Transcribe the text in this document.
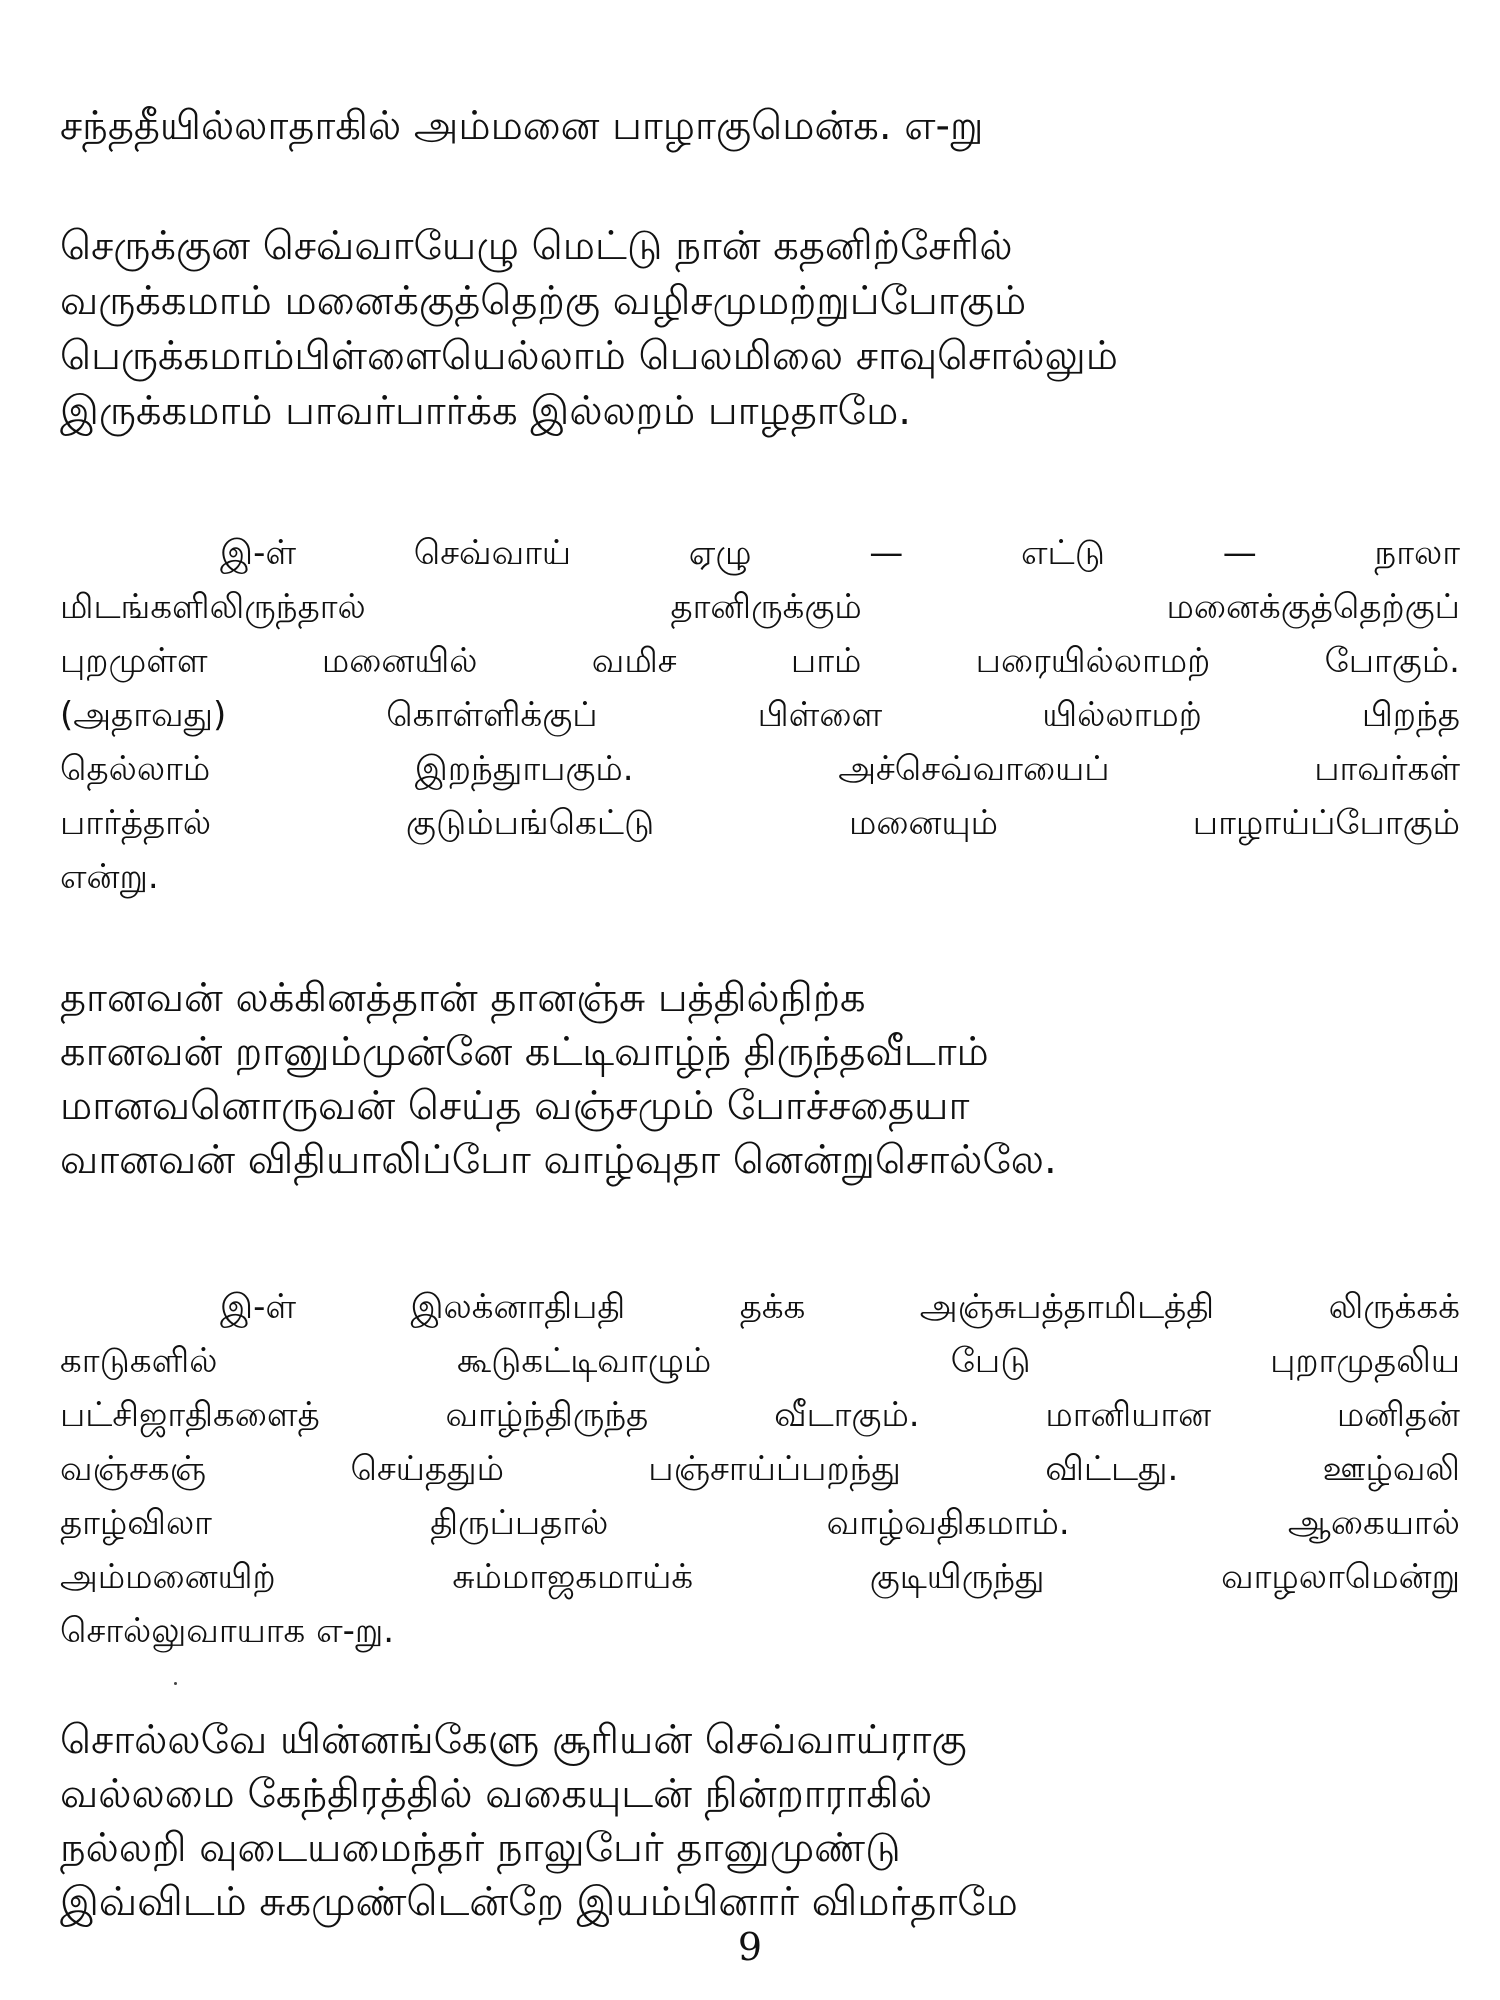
சந்ததீயில்லாதாகில் அம்மனை பாழாகுமென்க. எ-று
செருக்குன செவ்வாயேழு மெட்டு நான் கதனிற்சேரில்
வருக்கமாம் மனைக்குத்தெற்கு வழிசமுமற்றுப்போகும்
பெருக்கமாம்பிள்ளையெல்லாம் பெலமிலை சாவுசொல்லும்
இருக்கமாம் பாவர்பார்க்க இல்லறம் பாழதாமே.
இ-ள் செவ்வாய் ஏழு — எட்டு — நாலா
மிடங்களிலிருந்தால் தானிருக்கும் மனைக்குத்தெற்குப்
புறமுள்ள மனையில் வமிச பாம் பரையில்லாமற் போகும்.
(அதாவது) கொள்ளிக்குப் பிள்ளை யில்லாமற் பிறந்த
தெல்லாம் இறந்துாபகும். அச்செவ்வாயைப் பாவர்கள்
பார்த்தால் குடும்பங்கெட்டு மனையும் பாழாய்ப்போகும்
என்று.
தானவன் லக்கினத்தான் தானஞ்சு பத்தில்நிற்க
கானவன் றானும்முன்னே கட்டிவாழ்ந் திருந்தவீடாம்
மானவனொருவன் செய்த வஞ்சமும் போச்சதையா
வானவன் விதியாலிப்போ வாழ்வுதா னென்றுசொல்லே.
இ-ள் இலக்னாதிபதி தக்க அஞ்சுபத்தாமிடத்தி லிருக்கக்
காடுகளில் கூடுகட்டிவாழும் பேடு புறாமுதலிய
பட்சிஜாதிகளைத் வாழ்ந்திருந்த வீடாகும். மானியான மனிதன்
வஞ்சகஞ் செய்ததும் பஞ்சாய்ப்பறந்து விட்டது. ஊழ்வலி
தாழ்விலா திருப்பதால் வாழ்வதிகமாம். ஆகையால்
அம்மனையிற் சும்மாஜகமாய்க் குடியிருந்து வாழலாமென்று
சொல்லுவாயாக எ-று.
சொல்லவே யின்னங்கேளு சூரியன் செவ்வாய்ராகு
வல்லமை கேந்திரத்தில் வகையுடன் நின்றாராகில்
நல்லறி வுடையமைந்தர் நாலுபேர் தானுமுண்டு
இவ்விடம் சுகமுண்டென்றே இயம்பினார் விமர்தாமே
9
